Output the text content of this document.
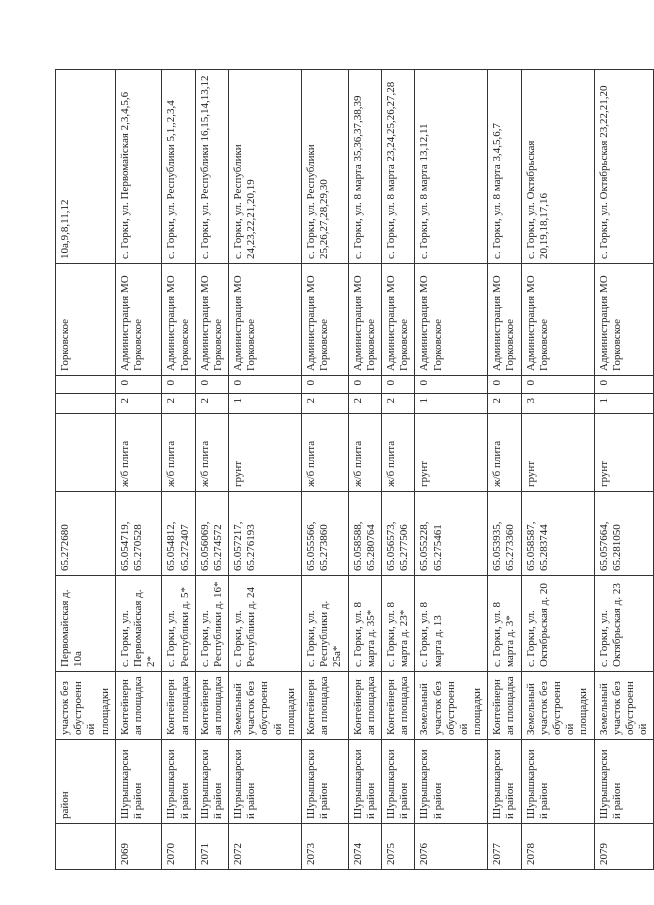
	район	участок без обустроенной площадки	Первомайская д. 10а	65.272680				Горковское	10а,9,8,11,12
2069	Шурышкарский район	Контейнерная площадка	с. Горки, ул. Первомайская д. 2*	65.054719, 65.270528	ж/б плита	2	0	Администрация МО Горковское	с. Горки, ул. Первомайская 2,3,4,5,6
2070	Шурышкарский район	Контейнерная площадка	с. Горки, ул. Республики д. 5*	65.054812, 65.272407	ж/б плита	2	0	Администрация МО Горковское	с. Горки, ул. Республики 5,1,,2,3,4
2071	Шурышкарский район	Контейнерная площадка	с. Горки, ул. Республики д. 16*	65.056069, 65.274572	ж/б плита	2	0	Администрация МО Горковское	с. Горки, ул. Республики 16,15,14,13,12
2072	Шурышкарский район	Земельный участок без обустроенной площадки	с. Горки, ул. Республики д. 24	65.057217, 65.276193	грунт	1	0	Администрация МО Горковское	с. Горки, ул. Республики 24,23,22,21,20,19
2073	Шурышкарский район	Контейнерная площадка	с. Горки, ул. Республики д. 25а*	65.055566, 65.273860	ж/б плита	2	0	Администрация МО Горковское	с. Горки, ул. Республики 25,26,27,28,29,30
2074	Шурышкарский район	Контейнерная площадка	с. Горки, ул. 8 марта д. 35*	65.058588, 65.280764	ж/б плита	2	0	Администрация МО Горковское	с. Горки, ул. 8 марта 35,36,37,38,39
2075	Шурышкарский район	Контейнерная площадка	с. Горки, ул. 8 марта д. 23*	65.056573, 65.277506	ж/б плита	2	0	Администрация МО Горковское	с. Горки, ул. 8 марта 23,24,25,26,27,28
2076	Шурышкарский район	Земельный участок без обустроенной площадки	с. Горки, ул. 8 марта д. 13	65.055228, 65.275461	грунт	1	0	Администрация МО Горковское	с. Горки, ул. 8 марта 13,12,11
2077	Шурышкарский район	Контейнерная площадка	с. Горки, ул. 8 марта д. 3*	65.053935, 65.273360	ж/б плита	2	0	Администрация МО Горковское	с. Горки, ул. 8 марта 3,4,5,6,7
2078	Шурышкарский район	Земельный участок без обустроенной площадки	с. Горки, ул. Октябрьская д. 20	65.058587, 65.283744	грунт	3	0	Администрация МО Горковское	с. Горки, ул. Октябрьская 20,19,18,17,16
2079	Шурышкарский район	Земельный участок без обустроенной	с. Горки, ул. Октябрьская д. 23	65.057664, 65.281050	грунт	1	0	Администрация МО Горковское	с. Горки, ул. Октябрьская 23,22,21,20
